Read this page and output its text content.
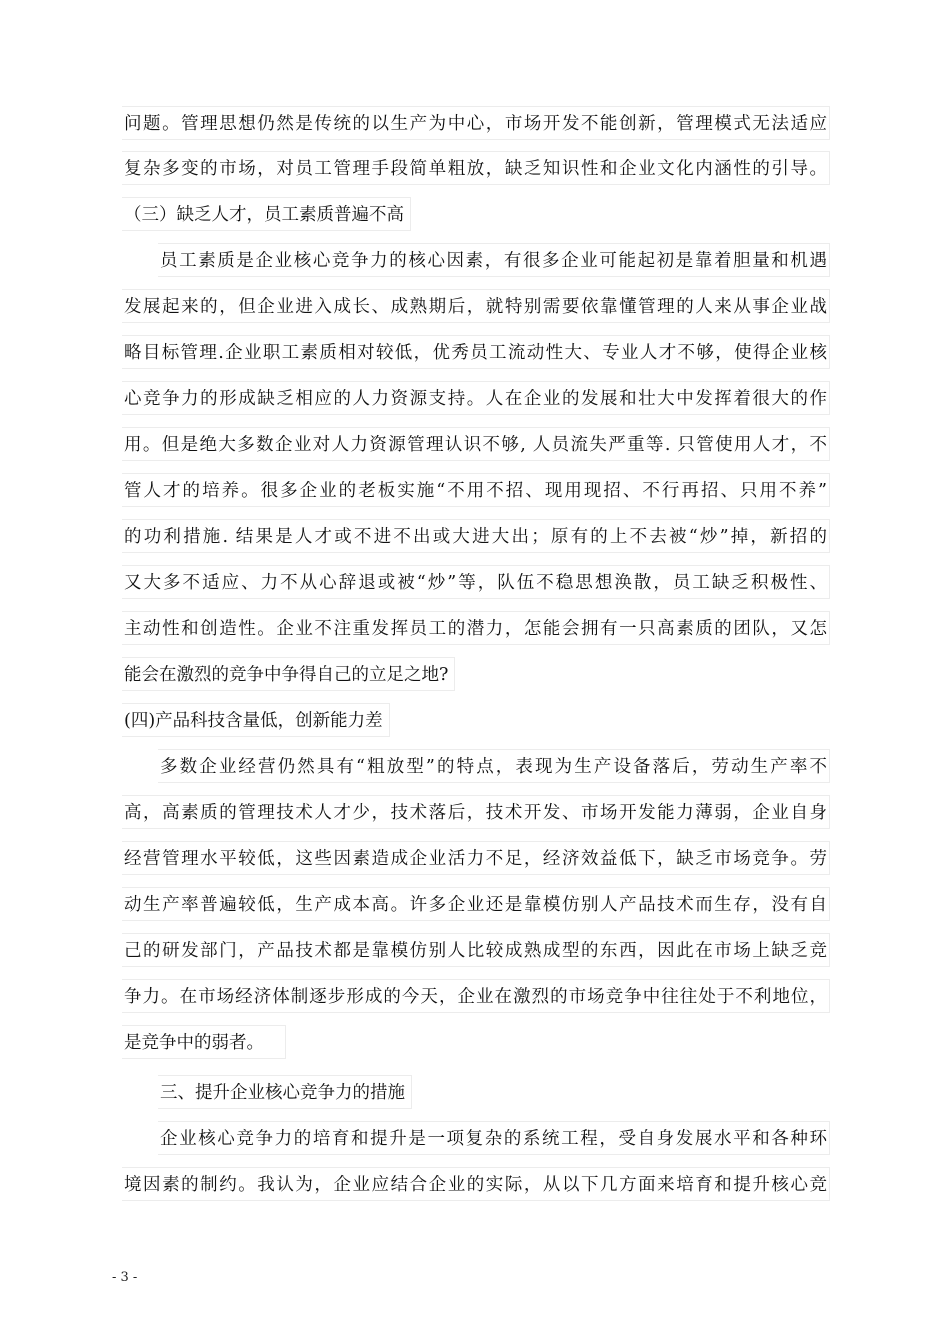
问题。管理思想仍然是传统的以生产为中心，市场开发不能创新，管理模式无法适应
复杂多变的市场，对员工管理手段简单粗放，缺乏知识性和企业文化内涵性的引导。
（三）缺乏人才，员工素质普遍不高
员工素质是企业核心竞争力的核心因素，有很多企业可能起初是靠着胆量和机遇
发展起来的，但企业进入成长、成熟期后，就特别需要依靠懂管理的人来从事企业战
略目标管理.企业职工素质相对较低，优秀员工流动性大、专业人才不够，使得企业核
心竞争力的形成缺乏相应的人力资源支持。人在企业的发展和壮大中发挥着很大的作
用。但是绝大多数企业对人力资源管理认识不够, 人员流失严重等. 只管使用人才，不
管人才的培养。很多企业的老板实施“不用不招、现用现招、不行再招、只用不养”
的功利措施. 结果是人才或不进不出或大进大出；原有的上不去被“炒”掉，新招的
又大多不适应、力不从心辞退或被“炒”等，队伍不稳思想涣散，员工缺乏积极性、
主动性和创造性。企业不注重发挥员工的潜力，怎能会拥有一只高素质的团队，又怎
能会在激烈的竞争中争得自己的立足之地?
(四)产品科技含量低，创新能力差
多数企业经营仍然具有“粗放型”的特点，表现为生产设备落后，劳动生产率不
高，高素质的管理技术人才少，技术落后，技术开发、市场开发能力薄弱，企业自身
经营管理水平较低，这些因素造成企业活力不足，经济效益低下，缺乏市场竞争。劳
动生产率普遍较低，生产成本高。许多企业还是靠模仿别人产品技术而生存，没有自
己的研发部门，产品技术都是靠模仿别人比较成熟成型的东西，因此在市场上缺乏竞
争力。在市场经济体制逐步形成的今天，企业在激烈的市场竞争中往往处于不利地位，
是竞争中的弱者。
三、提升企业核心竞争力的措施
企业核心竞争力的培育和提升是一项复杂的系统工程，受自身发展水平和各种环
境因素的制约。我认为，企业应结合企业的实际，从以下几方面来培育和提升核心竞
- 3 -
